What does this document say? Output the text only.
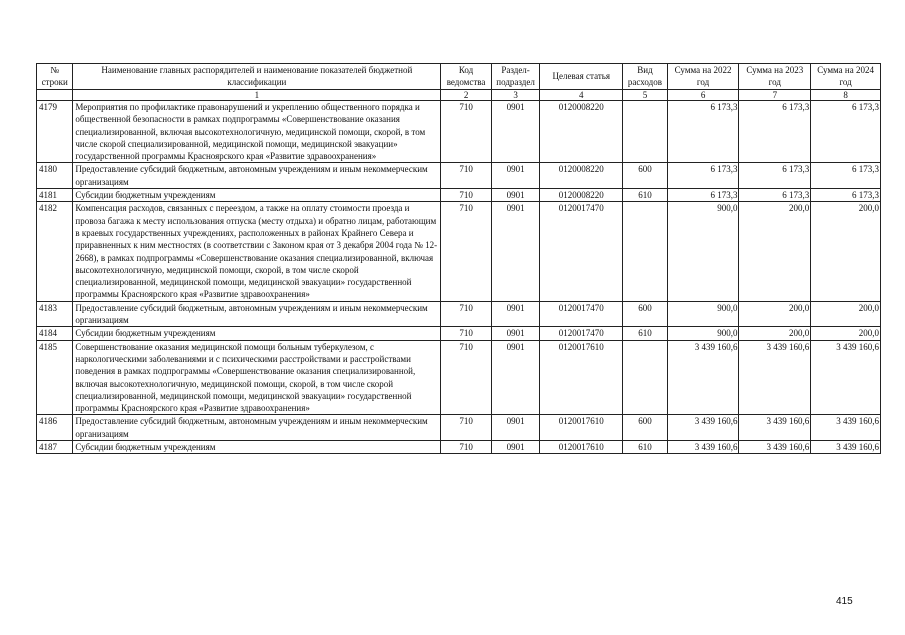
№ строки	Наименование главных распорядителей и наименование показателей бюджетной классификации	Код ведомства	Раздел-подраздел	Целевая статья	Вид расходов	Сумма на 2022 год	Сумма на 2023 год	Сумма на 2024 год
	1	2	3	4	5	6	7	8
4179	Мероприятия по профилактике правонарушений и укреплению общественного порядка и общественной безопасности в рамках подпрограммы «Совершенствование оказания специализированной, включая высокотехнологичную, медицинской помощи, скорой, в том числе скорой специализированной, медицинской помощи, медицинской эвакуации» государственной программы Красноярского края «Развитие здравоохранения»	710	0901	0120008220		6 173,3	6 173,3	6 173,3
4180	Предоставление субсидий бюджетным, автономным учреждениям и иным некоммерческим организациям	710	0901	0120008220	600	6 173,3	6 173,3	6 173,3
4181	Субсидии бюджетным учреждениям	710	0901	0120008220	610	6 173,3	6 173,3	6 173,3
4182	Компенсация расходов, связанных с переездом, а также на оплату стоимости проезда и провоза багажа к месту использования отпуска (месту отдыха) и обратно лицам, работающим в краевых государственных учреждениях, расположенных в районах Крайнего Севера и приравненных к ним местностях (в соответствии с Законом края от 3 декабря 2004 года № 12-2668), в рамках подпрограммы «Совершенствование оказания специализированной, включая высокотехнологичную, медицинской помощи, скорой, в том числе скорой специализированной, медицинской помощи, медицинской эвакуации» государственной программы Красноярского края «Развитие здравоохранения»	710	0901	0120017470		900,0	200,0	200,0
4183	Предоставление субсидий бюджетным, автономным учреждениям и иным некоммерческим организациям	710	0901	0120017470	600	900,0	200,0	200,0
4184	Субсидии бюджетным учреждениям	710	0901	0120017470	610	900,0	200,0	200,0
4185	Совершенствование оказания медицинской помощи больным туберкулезом, с наркологическими заболеваниями и с психическими расстройствами и расстройствами поведения в рамках подпрограммы «Совершенствование оказания специализированной, включая высокотехнологичную, медицинской помощи, скорой, в том числе скорой специализированной, медицинской помощи, медицинской эвакуации» государственной программы Красноярского края «Развитие здравоохранения»	710	0901	0120017610		3 439 160,6	3 439 160,6	3 439 160,6
4186	Предоставление субсидий бюджетным, автономным учреждениям и иным некоммерческим организациям	710	0901	0120017610	600	3 439 160,6	3 439 160,6	3 439 160,6
4187	Субсидии бюджетным учреждениям	710	0901	0120017610	610	3 439 160,6	3 439 160,6	3 439 160,6
415
